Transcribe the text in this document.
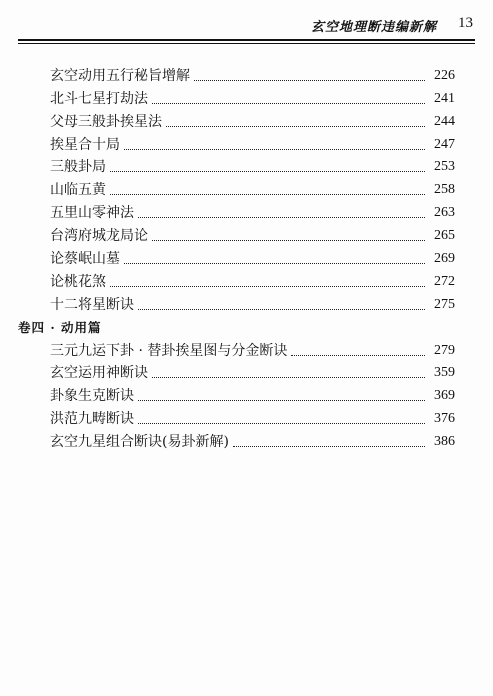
玄空地理断违编新解 13
玄空动用五行秘旨增解	226
北斗七星打劫法	241
父母三般卦挨星法	244
挨星合十局	247
三般卦局	253
山临五黄	258
五里山零神法	263
台湾府城龙局论	265
论蔡岷山墓	269
论桃花煞	272
十二将星断诀	275
卷四 · 动用篇
三元九运下卦 · 替卦挨星图与分金断诀	279
玄空运用神断诀	359
卦象生克断诀	369
洪范九畴断诀	376
玄空九星组合断诀(易卦新解)	386
